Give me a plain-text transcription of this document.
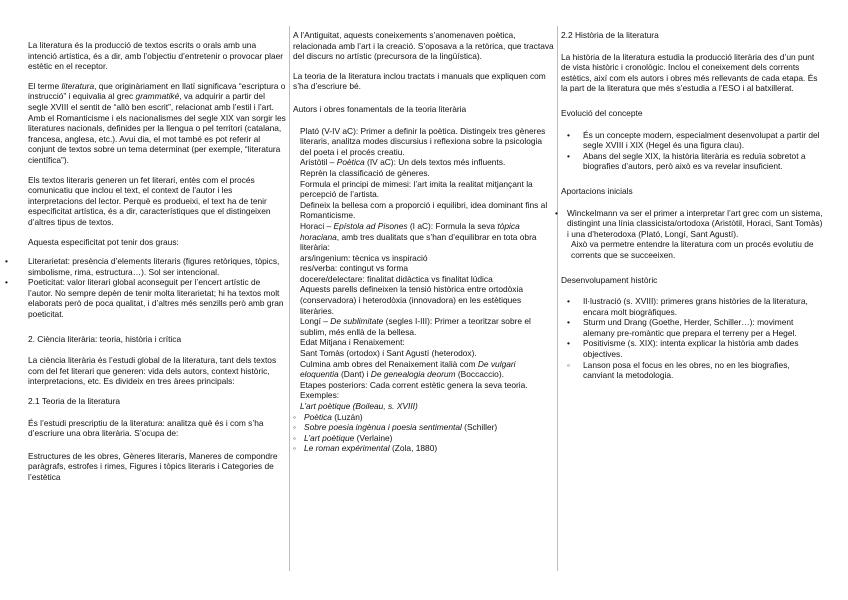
La literatura és la producció de textos escrits o orals amb una intenció artística, és a dir, amb l’objectiu d’entretenir o provocar plaer estètic en el receptor.

El terme literatura, que originàriament en llatí significava “escriptura o instrucció” i equivalia al grec grammatiké, va adquirir a partir del segle XVIII el sentit de “allò ben escrit”, relacionat amb l’estil i l’art. Amb el Romanticisme i els nacionalismes del segle XIX van sorgir les literatures nacionals, definides per la llengua o pel territori (catalana, francesa, anglesa, etc.). Avui dia, el mot també es pot referir al conjunt de textos sobre un tema determinat (per exemple, “literatura científica”).

Els textos literaris generen un fet literari, entès com el procés comunicatiu que inclou el text, el context de l’autor i les interpretacions del lector. Perquè es produeixi, el text ha de tenir especificitat artística, és a dir, característiques que el distingeixen d’altres tipus de textos.

Aquesta especificitat pot tenir dos graus:

• Literarietat: presència d’elements literaris (figures retòriques, tòpics, simbolisme, rima, estructura…). Sol ser intencional.
• Poeticitat: valor literari global aconseguit per l’encert artístic de l’autor. No sempre depèn de tenir molta literarietat; hi ha textos molt elaborats però de poca qualitat, i d’altres més senzills però amb gran poeticitat.

2. Ciència literària: teoria, història i crítica

La ciència literària és l’estudi global de la literatura, tant dels textos com del fet literari que generen: vida dels autors, context històric, interpretacions, etc. Es divideix en tres àrees principals:

2.1 Teoria de la literatura

És l’estudi prescriptiu de la literatura: analitza què és i com s’ha d’escriure una obra literària. S’ocupa de:

Estructures de les obres, Gèneres literaris, Maneres de compondre paràgrafs, estrofes i rimes, Figures i tòpics literaris i Categories de l’estètica

A l’Antiguitat, aquests coneixements s’anomenaven poètica, relacionada amb l’art i la creació. S’oposava a la retòrica, que tractava del discurs no artístic (precursora de la lingüística).

La teoria de la literatura inclou tractats i manuals que expliquen com s’ha d’escriure bé.

Autors i obres fonamentals de la teoria literària

Plató (V-IV aC): Primer a definir la poètica. Distingeix tres gèneres literaris, analitza modes discursius i reflexiona sobre la psicologia del poeta i el procés creatiu.
Aristòtil – Poètica (IV aC): Un dels textos més influents.
Reprèn la classificació de gèneres.
Formula el principi de mimesi: l’art imita la realitat mitjançant la percepció de l’artista.
Defineix la bellesa com a proporció i equilibri, idea dominant fins al Romanticisme.
Horaci – Epístola ad Pisones (I aC): Formula la seva tòpica horaciana, amb tres dualitats que s’han d’equilibrar en tota obra literària:
ars/ingenium: tècnica vs inspiració
res/verba: contingut vs forma
docere/delectare: finalitat didàctica vs finalitat lúdica
Aquests parells defineixen la tensió històrica entre ortodòxia (conservadora) i heterodòxia (innovadora) en les estètiques literàries.
Longí – De sublimitate (segles I-III): Primer a teoritzar sobre el sublim, més enllà de la bellesa.
Edat Mitjana i Renaixement:
Sant Tomàs (ortodox) i Sant Agustí (heterodox).
Culmina amb obres del Renaixement italià com De vulgari eloquentia (Dant) i De genealogia deorum (Boccaccio).
Etapes posteriors: Cada corrent estètic genera la seva teoria.
Exemples:
L’art poètique (Boileau, s. XVIII)
◦ Poètica (Luzán)
◦ Sobre poesia ingènua i poesia sentimental (Schiller)
◦ L’art poètique (Verlaine)
◦ Le roman expérimental (Zola, 1880)

2.2 Història de la literatura

La història de la literatura estudia la producció literària des d’un punt de vista històric i cronològic. Inclou el coneixement dels corrents estètics, així com els autors i obres més rellevants de cada etapa. És la part de la literatura que més s’estudia a l’ESO i al batxillerat.

Evolució del concepte

• És un concepte modern, especialment desenvolupat a partir del segle XVIII i XIX (Hegel és una figura clau).
• Abans del segle XIX, la història literària es reduïa sobretot a biografies d’autors, però això es va revelar insuficient.

Aportacions inicials

• Winckelmann va ser el primer a interpretar l’art grec com un sistema, distingint una línia classicista/ortodoxa (Aristòtil, Horaci, Sant Tomàs) i una d’heterodoxa (Plató, Longí, Sant Agustí).
Això va permetre entendre la literatura com un procés evolutiu de corrents que se succeeixen.

Desenvolupament històric

• Il·lustració (s. XVIII): primeres grans històries de la literatura, encara molt biogràfiques.
• Sturm und Drang (Goethe, Herder, Schiller…): moviment alemany pre-romàntic que prepara el terreny per a Hegel.
• Positivisme (s. XIX): intenta explicar la història amb dades objectives.
◦ Lanson posa el focus en les obres, no en les biografies, canviant la metodologia.
